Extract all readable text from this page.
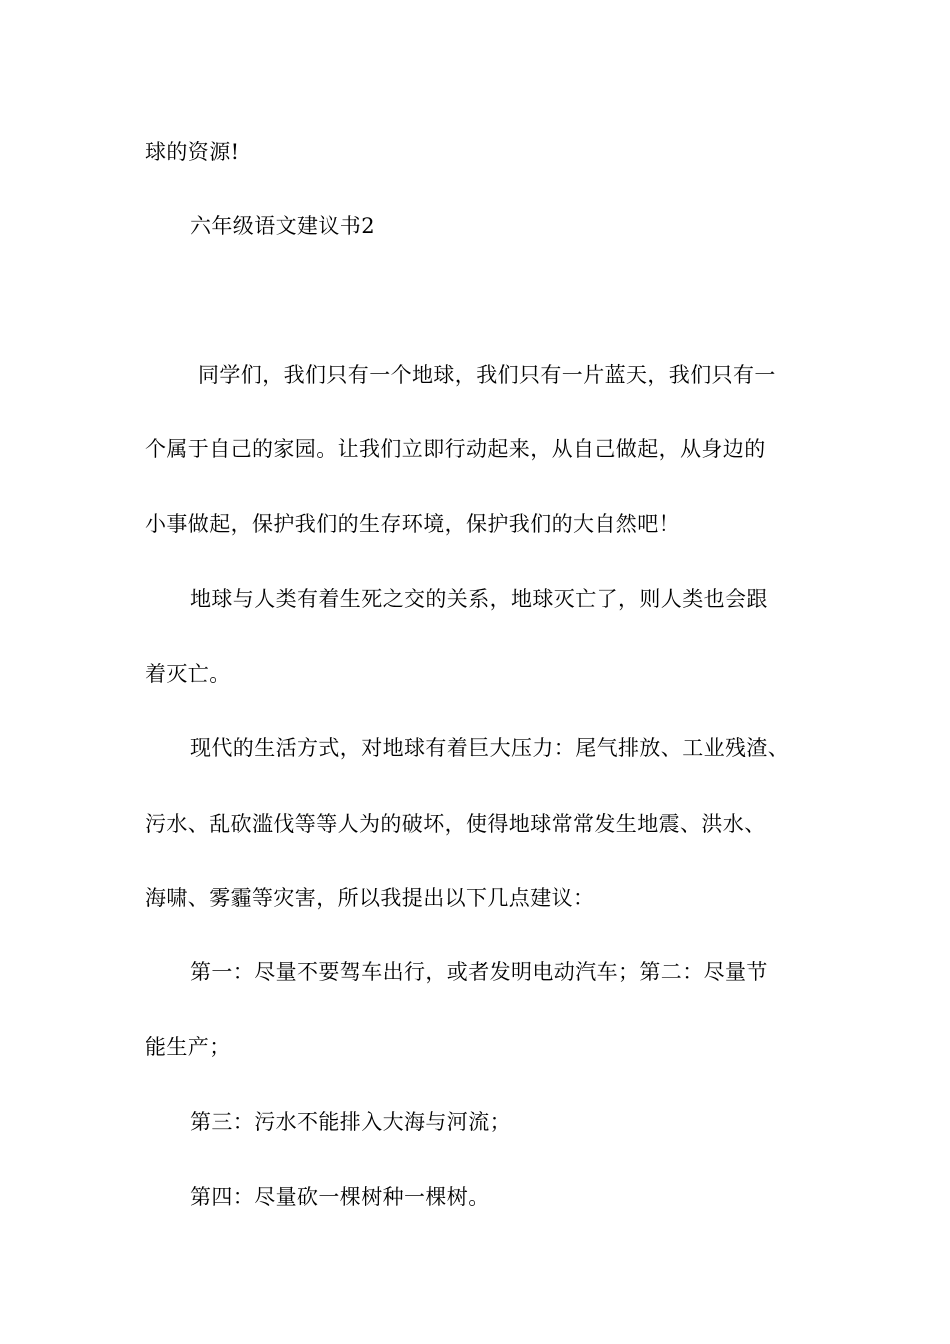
球的资源!
六年级语文建议书2
同学们，我们只有一个地球，我们只有一片蓝天，我们只有一
个属于自己的家园。让我们立即行动起来，从自己做起，从身边的
小事做起，保护我们的生存环境，保护我们的大自然吧！
地球与人类有着生死之交的关系，地球灭亡了，则人类也会跟
着灭亡。
现代的生活方式，对地球有着巨大压力：尾气排放、工业残渣、
污水、乱砍滥伐等等人为的破坏，使得地球常常发生地震、洪水、
海啸、雾霾等灾害，所以我提出以下几点建议：
第一：尽量不要驾车出行，或者发明电动汽车；第二：尽量节
能生产；
第三：污水不能排入大海与河流；
第四：尽量砍一棵树种一棵树。
